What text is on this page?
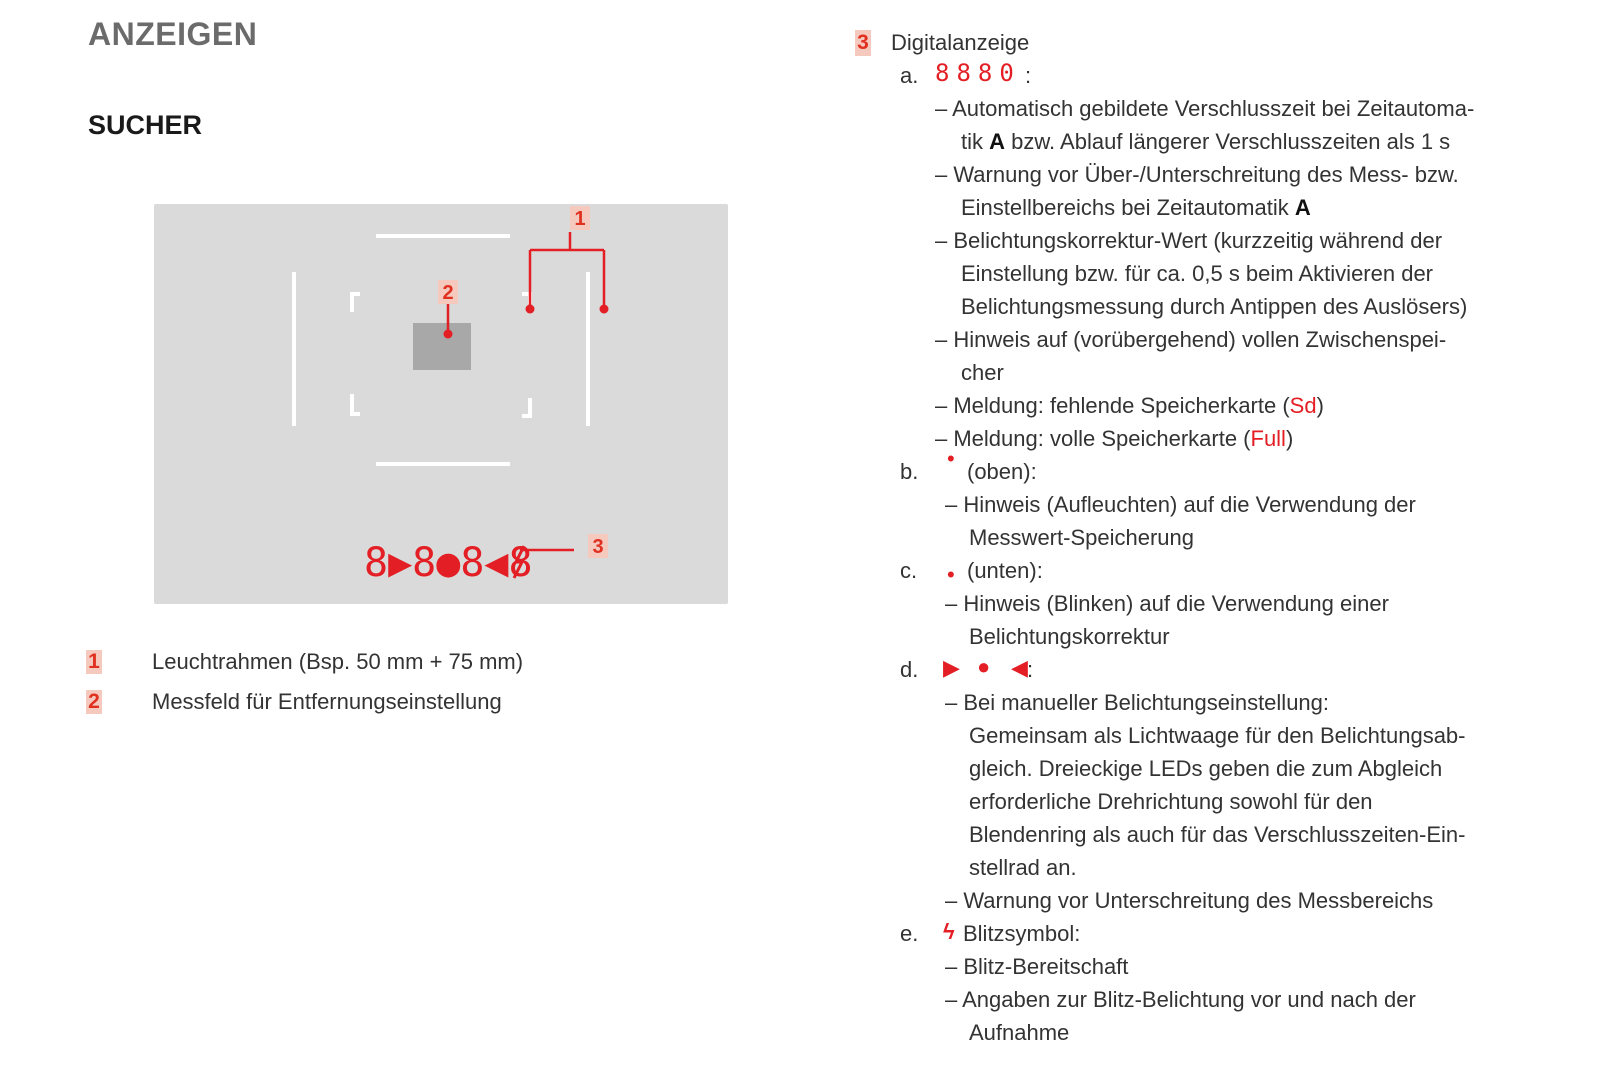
ANZEIGEN
SUCHER
1
2
8▶8●8◀8	3
1 Leuchtrahmen (Bsp. 50 mm + 75 mm)
2 Messfeld für Entfernungseinstellung
3 Digitalanzeige
a. 8880 :
– Automatisch gebildete Verschlusszeit bei Zeitautoma-
tik A bzw. Ablauf längerer Verschlusszeiten als 1 s
– Warnung vor Über-/Unterschreitung des Mess- bzw.
Einstellbereichs bei Zeitautomatik A
– Belichtungskorrektur-Wert (kurzzeitig während der
Einstellung bzw. für ca. 0,5 s beim Aktivieren der
Belichtungsmessung durch Antippen des Auslösers)
– Hinweis auf (vorübergehend) vollen Zwischenspei-
cher
– Meldung: fehlende Speicherkarte (Sd)
– Meldung: volle Speicherkarte (Full)
b.
•
(oben):
– Hinweis (Aufleuchten) auf die Verwendung der
Messwert-Speicherung
c. • (unten):
– Hinweis (Blinken) auf die Verwendung einer
Belichtungskorrektur
d. ▶ ● ◀ :
– Bei manueller Belichtungseinstellung:
Gemeinsam als Lichtwaage für den Belichtungsab-
gleich. Dreieckige LEDs geben die zum Abgleich
erforderliche Drehrichtung sowohl für den
Blendenring als auch für das Verschlusszeiten-Ein-
stellrad an.
– Warnung vor Unterschreitung des Messbereichs
e. ϟ Blitzsymbol:
– Blitz-Bereitschaft
– Angaben zur Blitz-Belichtung vor und nach der
Aufnahme
